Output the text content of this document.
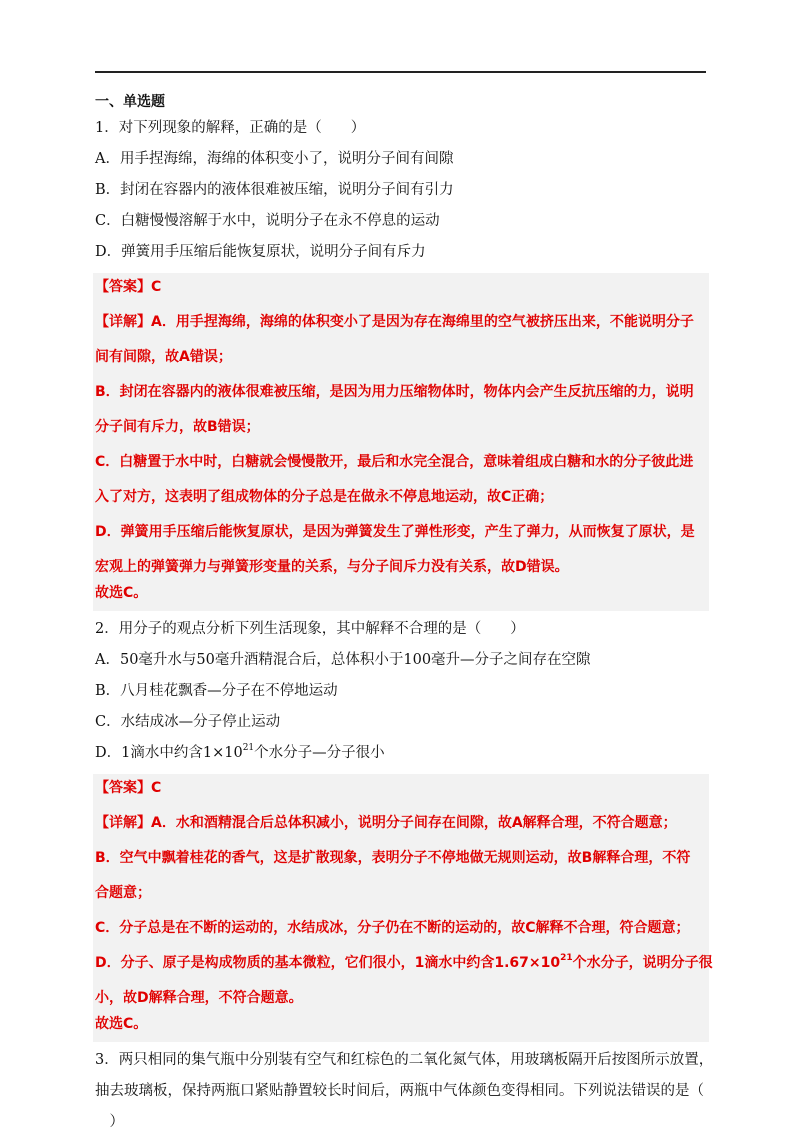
一、单选题
1．对下列现象的解释，正确的是（　　）
A．用手捏海绵，海绵的体积变小了，说明分子间有间隙
B．封闭在容器内的液体很难被压缩，说明分子间有引力
C．白糖慢慢溶解于水中，说明分子在永不停息的运动
D．弹簧用手压缩后能恢复原状，说明分子间有斥力
【答案】C
【详解】A．用手捏海绵，海绵的体积变小了是因为存在海绵里的空气被挤压出来，不能说明分子
间有间隙，故A错误；
B．封闭在容器内的液体很难被压缩，是因为用力压缩物体时，物体内会产生反抗压缩的力，说明
分子间有斥力，故B错误；
C．白糖置于水中时，白糖就会慢慢散开，最后和水完全混合，意味着组成白糖和水的分子彼此进
入了对方，这表明了组成物体的分子总是在做永不停息地运动，故C正确；
D．弹簧用手压缩后能恢复原状，是因为弹簧发生了弹性形变，产生了弹力，从而恢复了原状，是
宏观上的弹簧弹力与弹簧形变量的关系，与分子间斥力没有关系，故D错误。
故选C。
2．用分子的观点分析下列生活现象，其中解释不合理的是（　　）
A．50毫升水与50毫升酒精混合后，总体积小于100毫升—分子之间存在空隙
B．八月桂花飘香—分子在不停地运动
C．水结成冰—分子停止运动
D．1滴水中约含$1\times 10^{21}$个水分子—分子很小
【答案】C
【详解】A．水和酒精混合后总体积减小，说明分子间存在间隙，故A解释合理，不符合题意；
B．空气中飘着桂花的香气，这是扩散现象，表明分子不停地做无规则运动，故B解释合理，不符
合题意；
C．分子总是在不断的运动的，水结成冰，分子仍在不断的运动的，故C解释不合理，符合题意；
D．分子、原子是构成物质的基本微粒，它们很小，1滴水中约含$1.67\times 10^{21}$个水分子，说明分子很
小，故D解释合理，不符合题意。
故选C。
3．两只相同的集气瓶中分别装有空气和红棕色的二氧化氮气体，用玻璃板隔开后按图所示放置，
抽去玻璃板，保持两瓶口紧贴静置较长时间后，两瓶中气体颜色变得相同。下列说法错误的是（
　）
